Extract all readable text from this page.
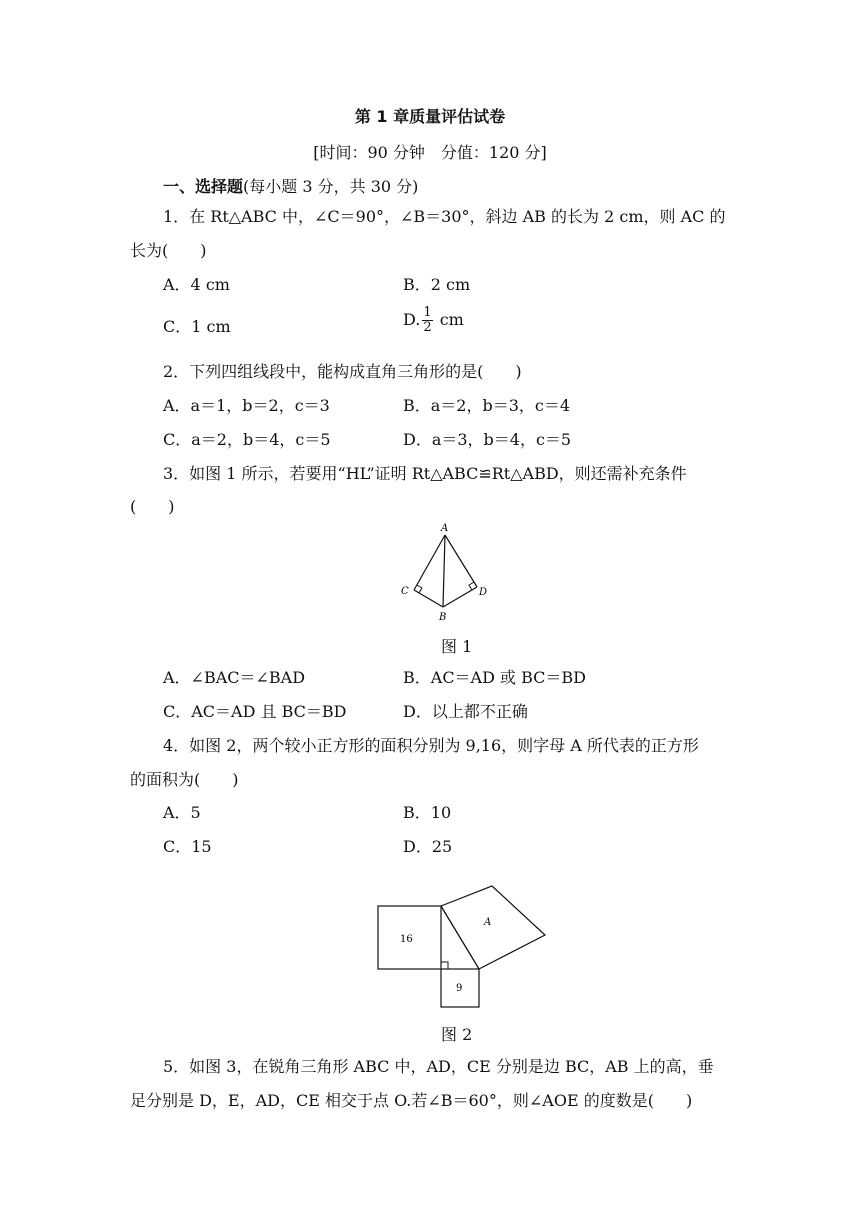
第 1 章质量评估试卷
[时间：90 分钟　分值：120 分]
一、选择题(每小题 3 分，共 30 分)
1．在 Rt△ABC 中，∠C＝90°，∠B＝30°，斜边 AB 的长为 2 cm，则 AC 的
长为(　　)
A．4 cm	B．2 cm
C．1 cm	D. $\frac{1}{2}$ cm
2．下列四组线段中，能构成直角三角形的是(　　)
A．a＝1，b＝2，c＝3	B．a＝2，b＝3，c＝4
C．a＝2，b＝4，c＝5	D．a＝3，b＝4，c＝5
3．如图 1 所示，若要用“HL”证明 Rt△ABC≌Rt△ABD，则还需补充条件
(　　)
A
C	D
B
图 1
A．∠BAC＝∠BAD	B．AC＝AD 或 BC＝BD
C．AC＝AD 且 BC＝BD	D．以上都不正确
4．如图 2，两个较小正方形的面积分别为 9,16，则字母 A 所代表的正方形
的面积为(　　)
A．5	B．10
C．15	D．25
16
9
A
图 2
5．如图 3，在锐角三角形 ABC 中，AD，CE 分别是边 BC，AB 上的高，垂
足分别是 D，E，AD，CE 相交于点 O.若∠B＝60°，则∠AOE 的度数是(　　)
